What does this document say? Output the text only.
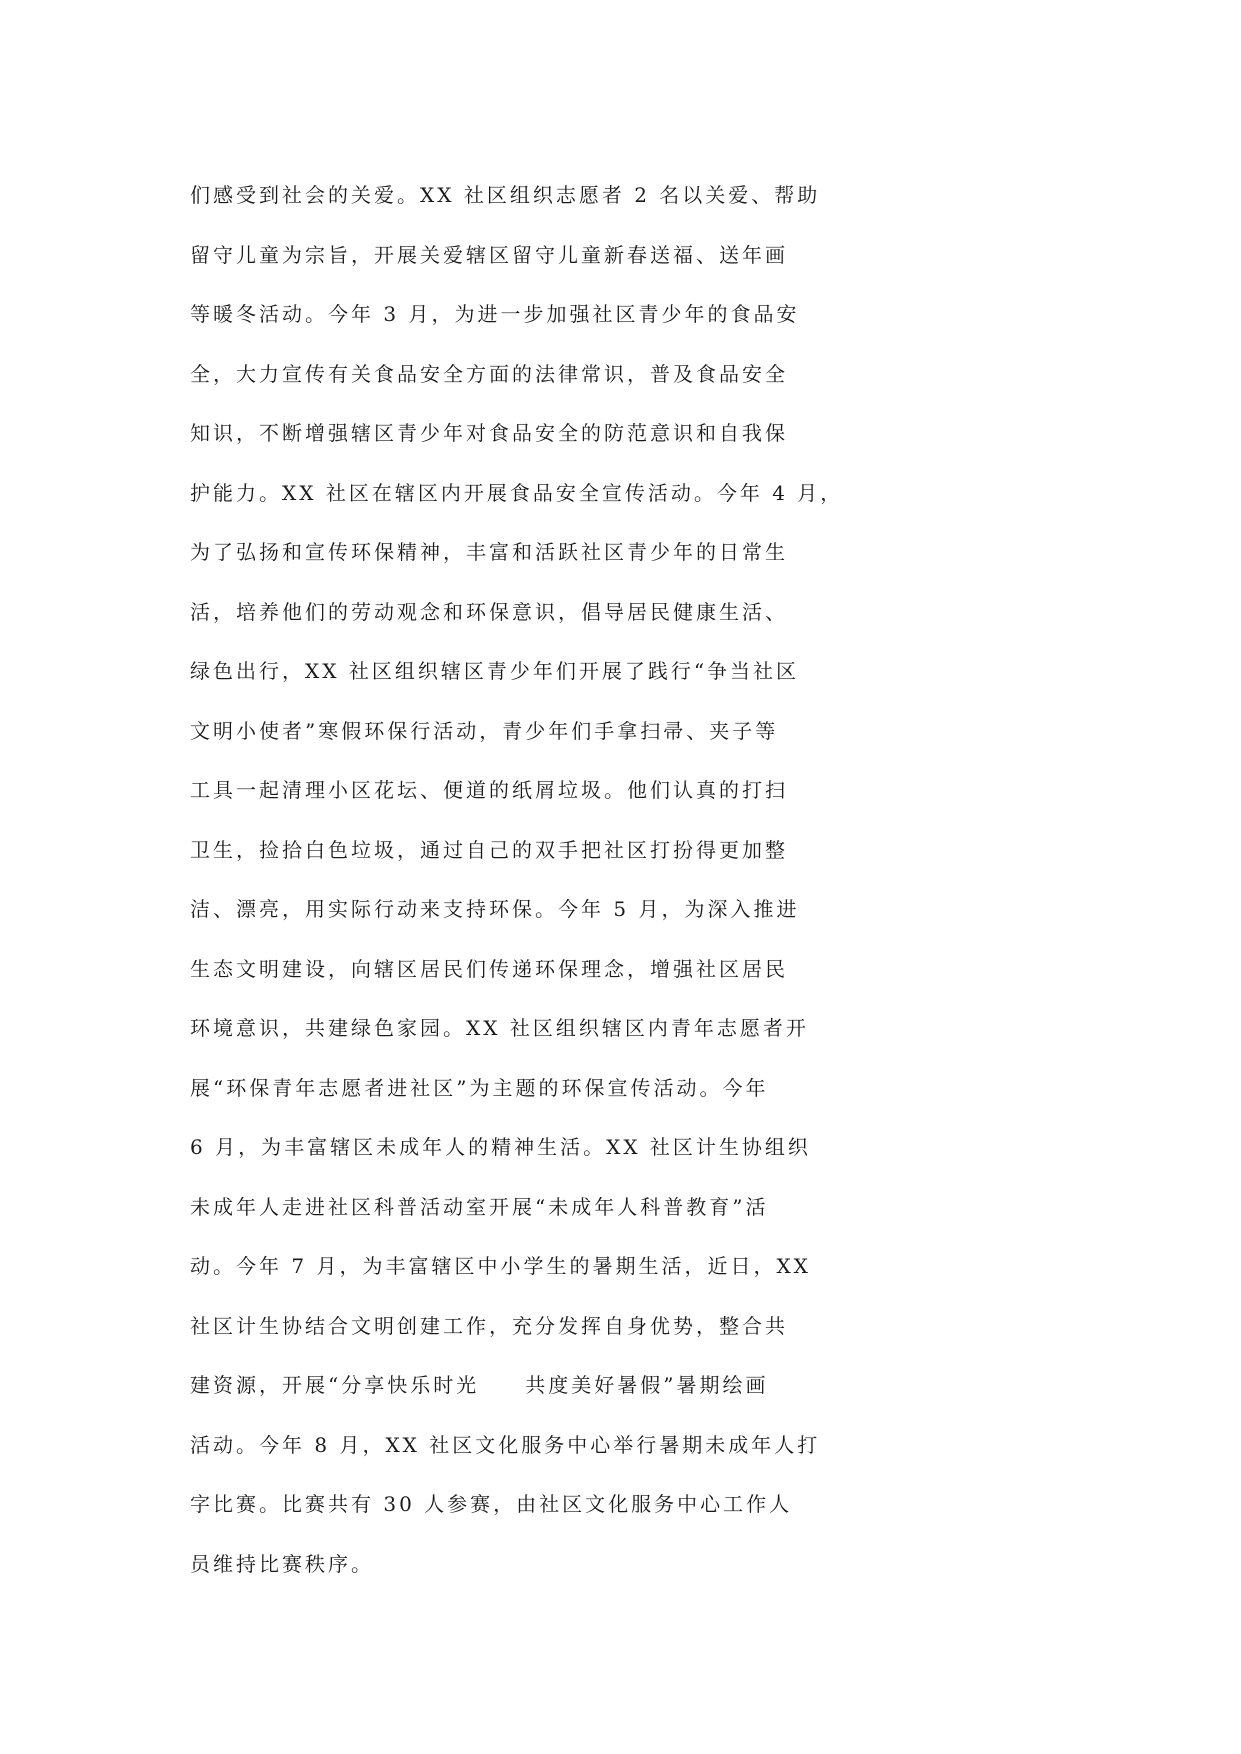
们感受到社会的关爱。XX 社区组织志愿者 2 名以关爱、帮助
留守儿童为宗旨，开展关爱辖区留守儿童新春送福、送年画
等暖冬活动。今年 3 月，为进一步加强社区青少年的食品安
全，大力宣传有关食品安全方面的法律常识，普及食品安全
知识，不断增强辖区青少年对食品安全的防范意识和自我保
护能力。XX 社区在辖区内开展食品安全宣传活动。今年 4 月，
为了弘扬和宣传环保精神，丰富和活跃社区青少年的日常生
活，培养他们的劳动观念和环保意识，倡导居民健康生活、
绿色出行，XX 社区组织辖区青少年们开展了践行“争当社区
文明小使者”寒假环保行活动，青少年们手拿扫帚、夹子等
工具一起清理小区花坛、便道的纸屑垃圾。他们认真的打扫
卫生，捡拾白色垃圾，通过自己的双手把社区打扮得更加整
洁、漂亮，用实际行动来支持环保。今年 5 月，为深入推进
生态文明建设，向辖区居民们传递环保理念，增强社区居民
环境意识，共建绿色家园。XX 社区组织辖区内青年志愿者开
展“环保青年志愿者进社区”为主题的环保宣传活动。今年
6 月，为丰富辖区未成年人的精神生活。XX 社区计生协组织
未成年人走进社区科普活动室开展“未成年人科普教育”活
动。今年 7 月，为丰富辖区中小学生的暑期生活，近日，XX
社区计生协结合文明创建工作，充分发挥自身优势，整合共
建资源，开展“分享快乐时光　　共度美好暑假”暑期绘画
活动。今年 8 月，XX 社区文化服务中心举行暑期未成年人打
字比赛。比赛共有 30 人参赛，由社区文化服务中心工作人
员维持比赛秩序。
